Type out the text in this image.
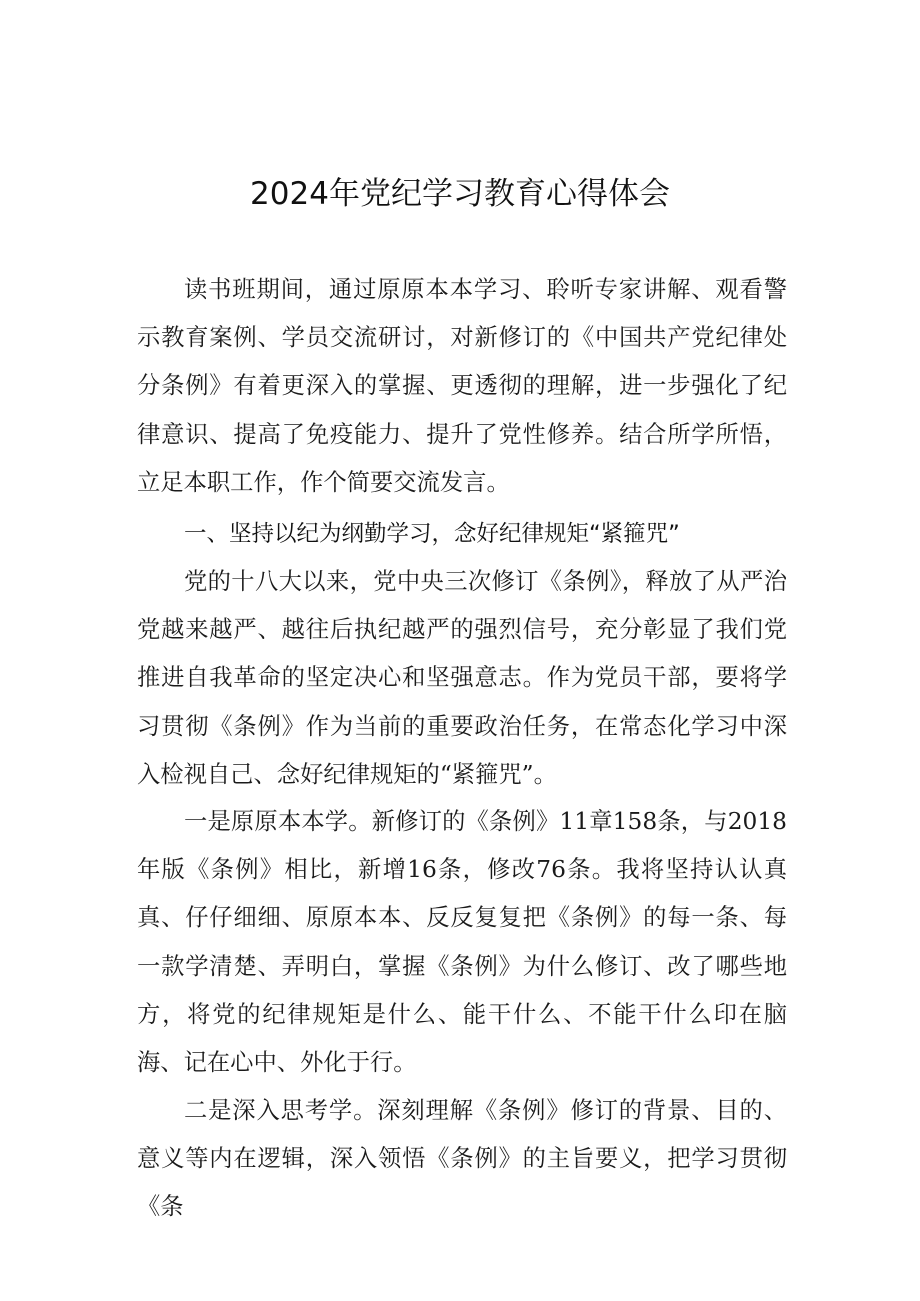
2024年党纪学习教育心得体会

读书班期间，通过原原本本学习、聆听专家讲解、观看警示教育案例、学员交流研讨，对新修订的《中国共产党纪律处分条例》有着更深入的掌握、更透彻的理解，进一步强化了纪律意识、提高了免疫能力、提升了党性修养。结合所学所悟，立足本职工作，作个简要交流发言。

一、坚持以纪为纲勤学习，念好纪律规矩“紧箍咒”

党的十八大以来，党中央三次修订《条例》，释放了从严治党越来越严、越往后执纪越严的强烈信号，充分彰显了我们党推进自我革命的坚定决心和坚强意志。作为党员干部，要将学习贯彻《条例》作为当前的重要政治任务，在常态化学习中深入检视自己、念好纪律规矩的“紧箍咒”。

一是原原本本学。新修订的《条例》11章158条，与2018年版《条例》相比，新增16条，修改76条。我将坚持认认真真、仔仔细细、原原本本、反反复复把《条例》的每一条、每一款学清楚、弄明白，掌握《条例》为什么修订、改了哪些地方，将党的纪律规矩是什么、能干什么、不能干什么印在脑海、记在心中、外化于行。

二是深入思考学。深刻理解《条例》修订的背景、目的、意义等内在逻辑，深入领悟《条例》的主旨要义，把学习贯彻《条
